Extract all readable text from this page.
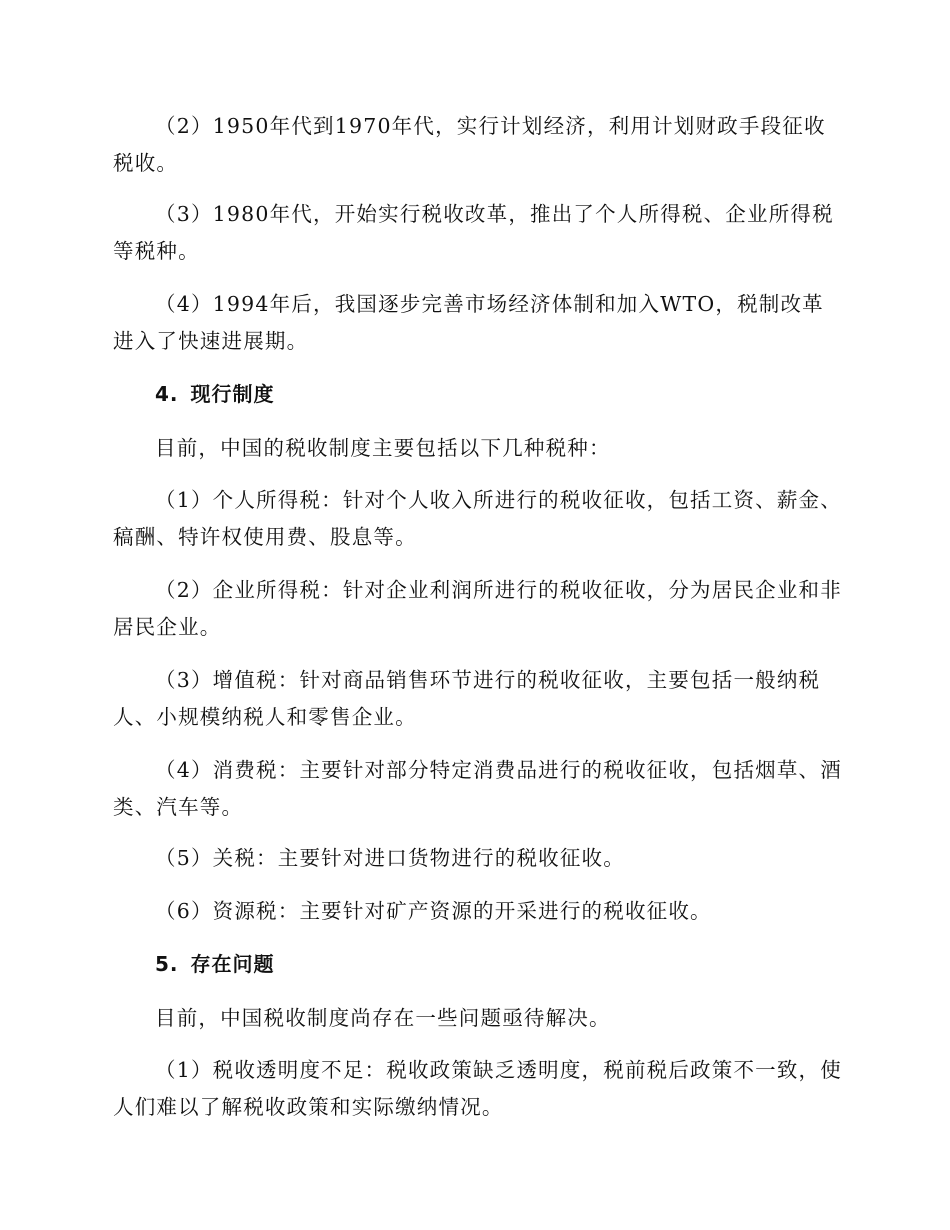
（2）1950年代到1970年代，实行计划经济，利用计划财政手段征收税收。

（3）1980年代，开始实行税收改革，推出了个人所得税、企业所得税等税种。

（4）1994年后，我国逐步完善市场经济体制和加入WTO，税制改革进入了快速进展期。

4. 现行制度

目前，中国的税收制度主要包括以下几种税种：

（1）个人所得税：针对个人收入所进行的税收征收，包括工资、薪金、稿酬、特许权使用费、股息等。

（2）企业所得税：针对企业利润所进行的税收征收，分为居民企业和非居民企业。

（3）增值税：针对商品销售环节进行的税收征收，主要包括一般纳税人、小规模纳税人和零售企业。

（4）消费税：主要针对部分特定消费品进行的税收征收，包括烟草、酒类、汽车等。

（5）关税：主要针对进口货物进行的税收征收。

（6）资源税：主要针对矿产资源的开采进行的税收征收。

5. 存在问题

目前，中国税收制度尚存在一些问题亟待解决。

（1）税收透明度不足：税收政策缺乏透明度，税前税后政策不一致，使人们难以了解税收政策和实际缴纳情况。
